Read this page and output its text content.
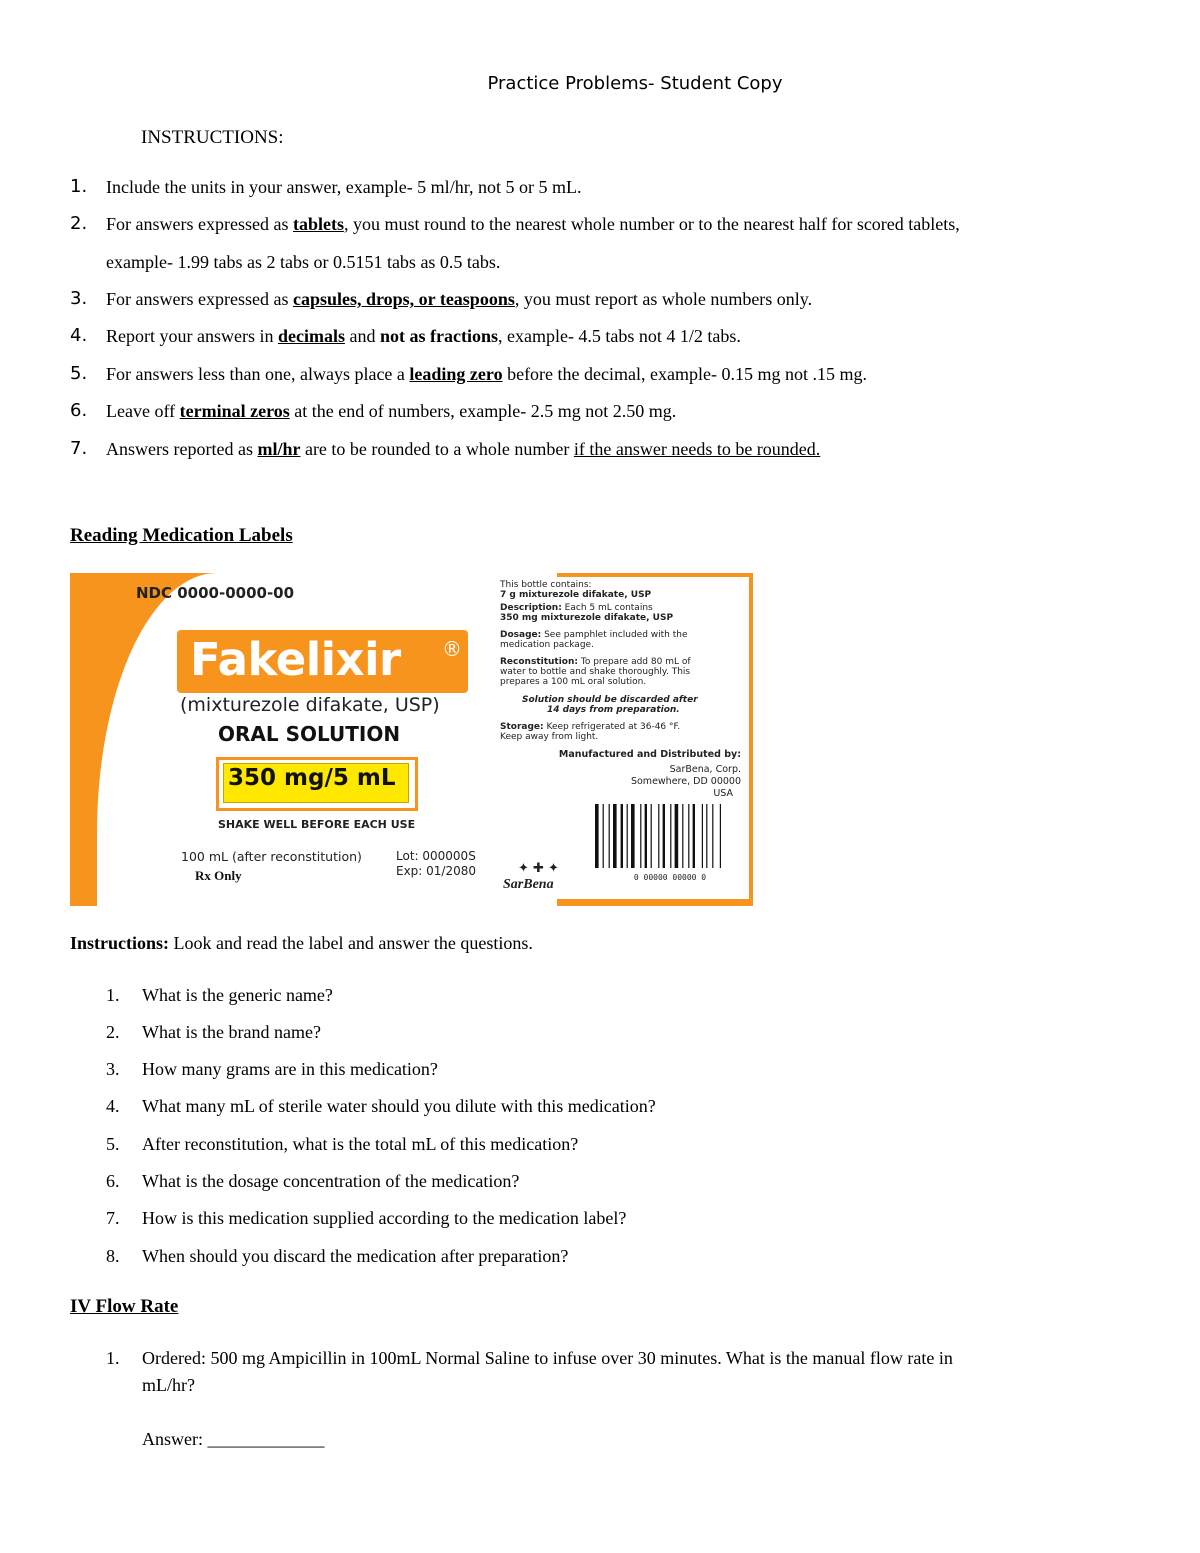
Practice Problems- Student Copy
INSTRUCTIONS:
1. Include the units in your answer, example- 5 ml/hr, not 5 or 5 mL.
2. For answers expressed as tablets, you must round to the nearest whole number or to the nearest half for scored tablets,
example- 1.99 tabs as 2 tabs or 0.5151 tabs as 0.5 tabs.
3. For answers expressed as capsules, drops, or teaspoons, you must report as whole numbers only.
4. Report your answers in decimals and not as fractions, example- 4.5 tabs not 4 1/2 tabs.
5. For answers less than one, always place a leading zero before the decimal, example- 0.15 mg not .15 mg.
6. Leave off terminal zeros at the end of numbers, example- 2.5 mg not 2.50 mg.
7. Answers reported as ml/hr are to be rounded to a whole number if the answer needs to be rounded.
Reading Medication Labels
NDC 0000-0000-00
Fakelixir ®
(mixturezole difakate, USP)
ORAL SOLUTION
350 mg/5 mL
SHAKE WELL BEFORE EACH USE
100 mL (after reconstitution)
Rx Only
Lot: 000000S
Exp: 01/2080
This bottle contains:
7 g mixturezole difakate, USP
Description: Each 5 mL contains
350 mg mixturezole difakate, USP
Dosage: See pamphlet included with the
medication package.
Reconstitution: To prepare add 80 mL of
water to bottle and shake thoroughly. This
prepares a 100 mL oral solution.
Solution should be discarded after
14 days from preparation.
Storage: Keep refrigerated at 36-46 °F.
Keep away from light.
Manufactured and Distributed by:
SarBena, Corp.
Somewhere, DD 00000
USA
0 00000 00000 0
✦ ✚ ✦
SarBena
Instructions: Look and read the label and answer the questions.
1. What is the generic name?
2. What is the brand name?
3. How many grams are in this medication?
4. What many mL of sterile water should you dilute with this medication?
5. After reconstitution, what is the total mL of this medication?
6. What is the dosage concentration of the medication?
7. How is this medication supplied according to the medication label?
8. When should you discard the medication after preparation?
IV Flow Rate
1. Ordered: 500 mg Ampicillin in 100mL Normal Saline to infuse over 30 minutes. What is the manual flow rate in
mL/hr?
Answer: _____________
